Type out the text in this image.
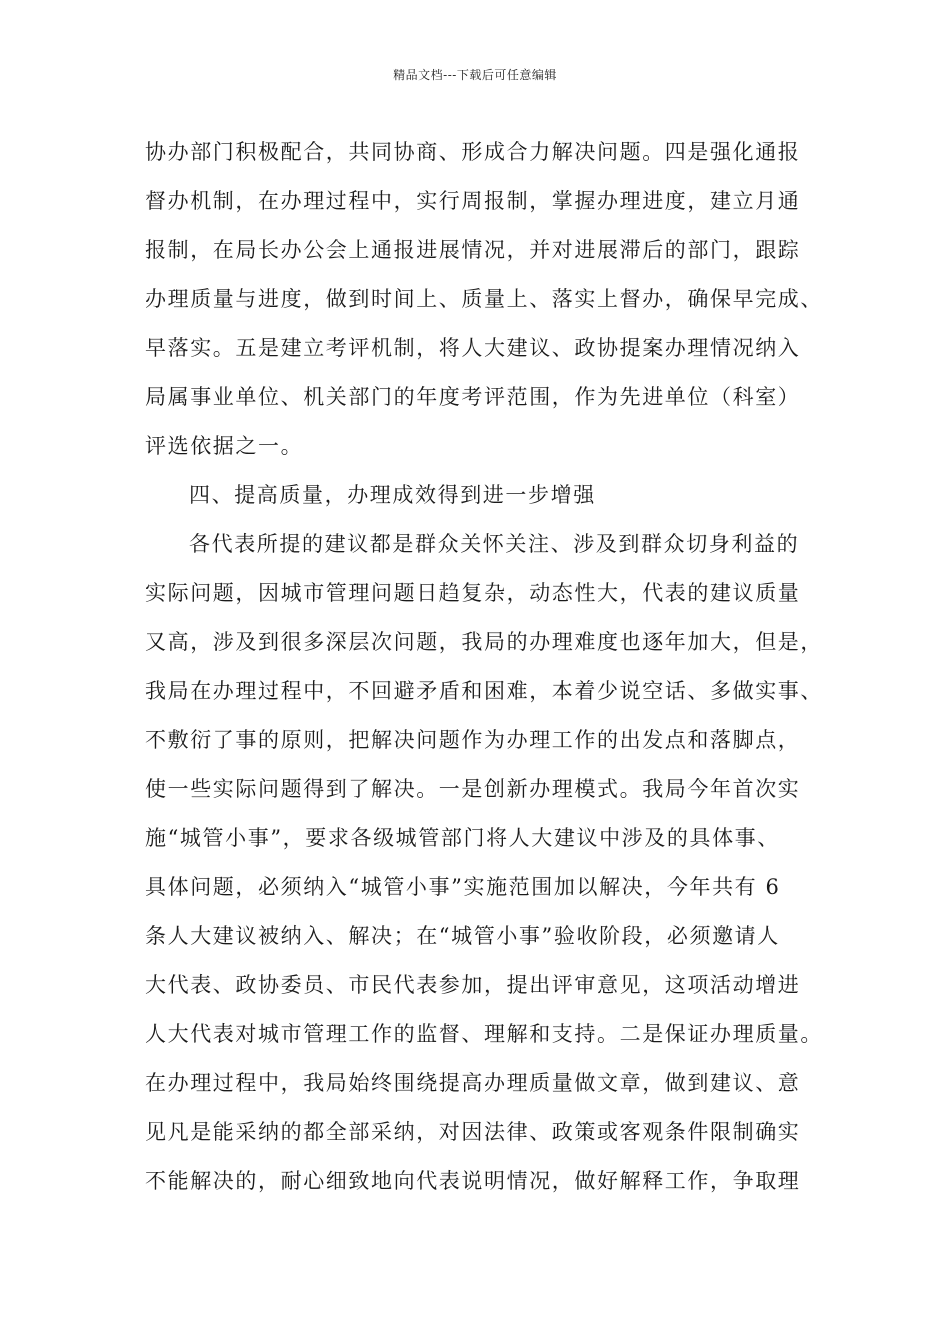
精品文档---下载后可任意编辑
协办部门积极配合，共同协商、形成合力解决问题。四是强化通报
督办机制，在办理过程中，实行周报制，掌握办理进度，建立月通
报制，在局长办公会上通报进展情况，并对进展滞后的部门，跟踪
办理质量与进度，做到时间上、质量上、落实上督办，确保早完成、
早落实。五是建立考评机制，将人大建议、政协提案办理情况纳入
局属事业单位、机关部门的年度考评范围，作为先进单位（科室）
评选依据之一。
四、提高质量，办理成效得到进一步增强
各代表所提的建议都是群众关怀关注、涉及到群众切身利益的
实际问题，因城市管理问题日趋复杂，动态性大，代表的建议质量
又高，涉及到很多深层次问题，我局的办理难度也逐年加大，但是，
我局在办理过程中，不回避矛盾和困难，本着少说空话、多做实事、
不敷衍了事的原则，把解决问题作为办理工作的出发点和落脚点，
使一些实际问题得到了解决。一是创新办理模式。我局今年首次实
施“城管小事”，要求各级城管部门将人大建议中涉及的具体事、
具体问题，必须纳入“城管小事”实施范围加以解决，今年共有 6
条人大建议被纳入、解决；在“城管小事”验收阶段，必须邀请人
大代表、政协委员、市民代表参加，提出评审意见，这项活动增进
人大代表对城市管理工作的监督、理解和支持。二是保证办理质量。
在办理过程中，我局始终围绕提高办理质量做文章，做到建议、意
见凡是能采纳的都全部采纳，对因法律、政策或客观条件限制确实
不能解决的，耐心细致地向代表说明情况，做好解释工作，争取理
